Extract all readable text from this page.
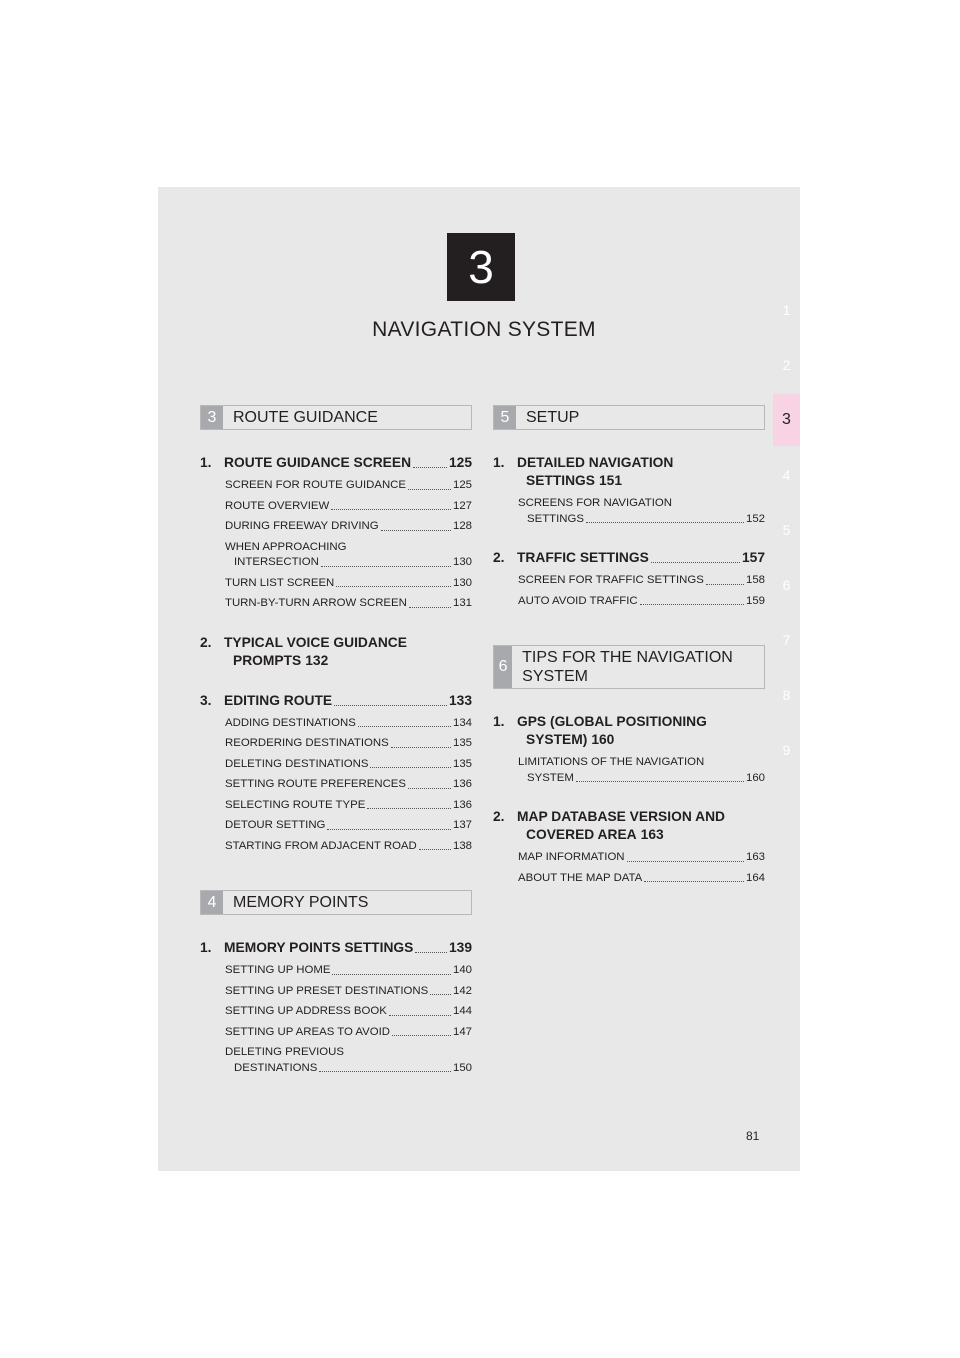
3
NAVIGATION SYSTEM
1
2
3
4
5
6
7
8
9
3	ROUTE GUIDANCE
1. ROUTE GUIDANCE SCREEN	125
SCREEN FOR ROUTE GUIDANCE	125
ROUTE OVERVIEW	127
DURING FREEWAY DRIVING	128
WHEN APPROACHING
INTERSECTION	130
TURN LIST SCREEN	130
TURN-BY-TURN ARROW SCREEN	131
2. TYPICAL VOICE GUIDANCE
PROMPTS 132
3. EDITING ROUTE	133
ADDING DESTINATIONS	134
REORDERING DESTINATIONS	135
DELETING DESTINATIONS	135
SETTING ROUTE PREFERENCES	136
SELECTING ROUTE TYPE	136
DETOUR SETTING	137
STARTING FROM ADJACENT ROAD	138
4	MEMORY POINTS
1. MEMORY POINTS SETTINGS	139
SETTING UP HOME	140
SETTING UP PRESET DESTINATIONS 142
SETTING UP ADDRESS BOOK	144
SETTING UP AREAS TO AVOID	147
DELETING PREVIOUS
DESTINATIONS	150
5	SETUP
1. DETAILED NAVIGATION
SETTINGS 151
SCREENS FOR NAVIGATION
SETTINGS	152
2. TRAFFIC SETTINGS	157
SCREEN FOR TRAFFIC SETTINGS	158
AUTO AVOID TRAFFIC	159
6
TIPS FOR THE NAVIGATION SYSTEM
1. GPS (GLOBAL POSITIONING
SYSTEM) 160
LIMITATIONS OF THE NAVIGATION
SYSTEM	160
2. MAP DATABASE VERSION AND
COVERED AREA 163
MAP INFORMATION	163
ABOUT THE MAP DATA	164
81
